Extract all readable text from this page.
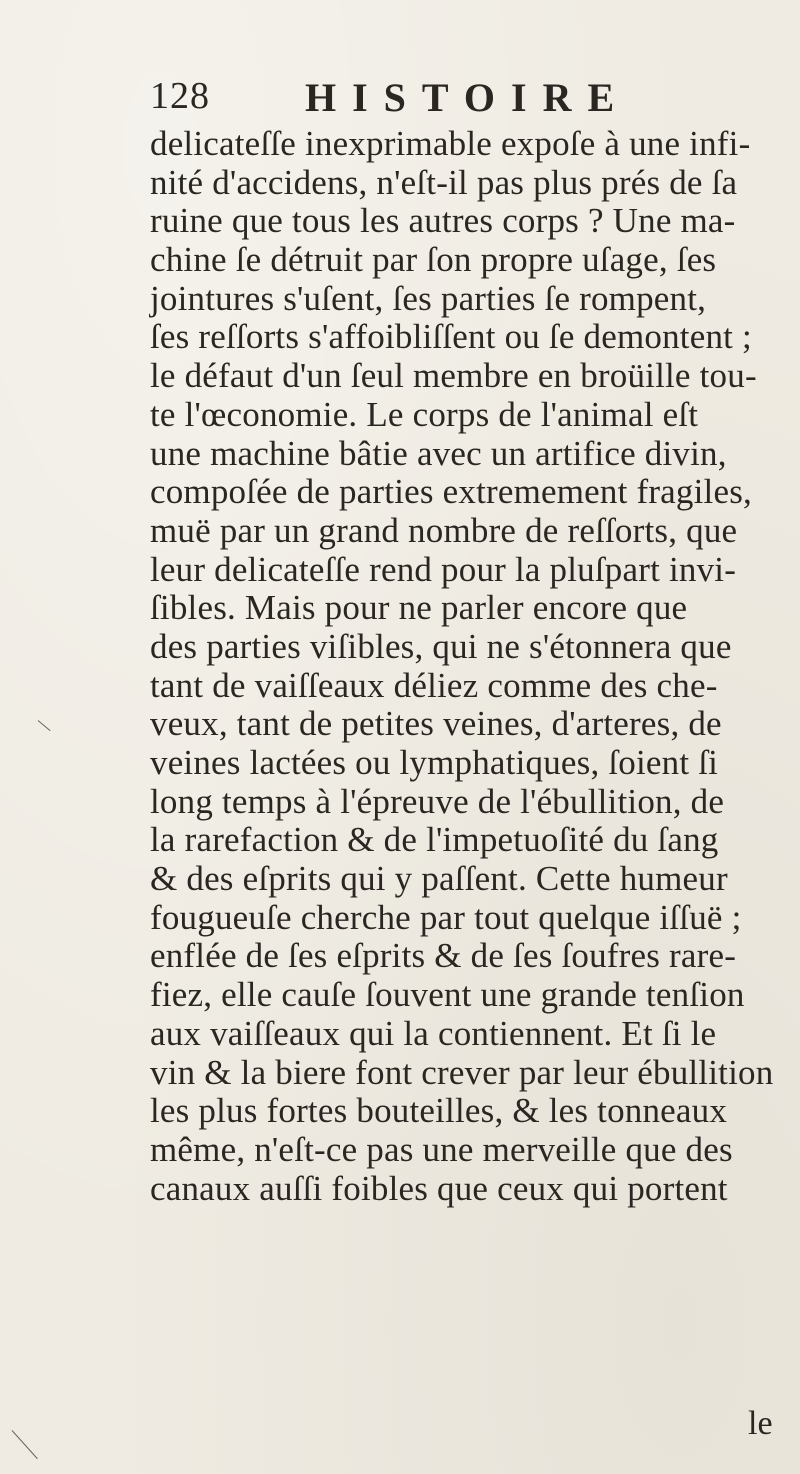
128 HISTOIRE
delicateſſe inexprimable expoſe à une infi-
nité d'accidens, n'eſt-il pas plus prés de ſa
ruine que tous les autres corps ? Une ma-
chine ſe détruit par ſon propre uſage, ſes
jointures s'uſent, ſes parties ſe rompent,
ſes reſſorts s'affoibliſſent ou ſe demontent ;
le défaut d'un ſeul membre en broüille tou-
te l'œconomie. Le corps de l'animal eſt
une machine bâtie avec un artifice divin,
compoſée de parties extremement fragiles,
muë par un grand nombre de reſſorts, que
leur delicateſſe rend pour la pluſpart invi-
ſibles. Mais pour ne parler encore que
des parties viſibles, qui ne s'étonnera que
tant de vaiſſeaux déliez comme des che-
veux, tant de petites veines, d'arteres, de
veines lactées ou lymphatiques, ſoient ſi
long temps à l'épreuve de l'ébullition, de
la rarefaction & de l'impetuoſité du ſang
& des eſprits qui y paſſent. Cette humeur
fougueuſe cherche par tout quelque iſſuë ;
enflée de ſes eſprits & de ſes ſoufres rare-
fiez, elle cauſe ſouvent une grande tenſion
aux vaiſſeaux qui la contiennent. Et ſi le
vin & la biere font crever par leur ébullition
les plus fortes bouteilles, & les tonneaux
même, n'eſt-ce pas une merveille que des
canaux auſſi foibles que ceux qui portent
le
